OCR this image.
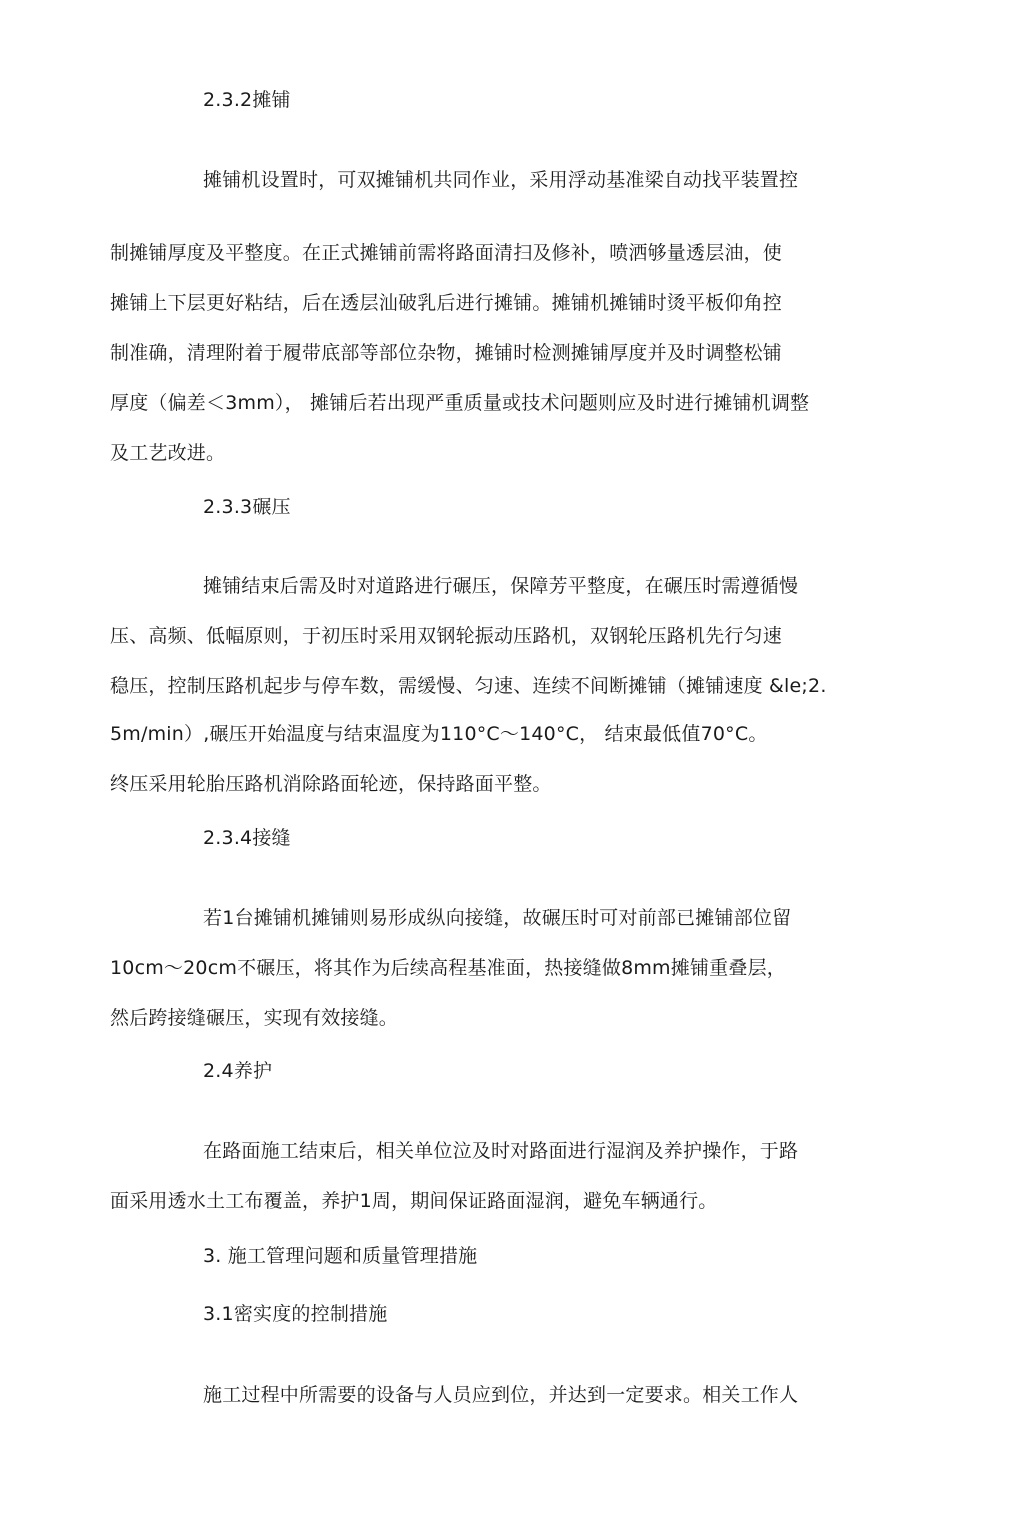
2.3.2摊铺
摊铺机设置时，可双摊铺机共同作业，采用浮动基准梁自动找平装置控
制摊铺厚度及平整度。在正式摊铺前需将路面清扫及修补，喷洒够量透层油，使
摊铺上下层更好粘结，后在透层汕破乳后进行摊铺。摊铺机摊铺时烫平板仰角控
制准确，清理附着于履带底部等部位杂物，摊铺时检测摊铺厚度并及时调整松铺
厚度（偏差＜3mm）， 摊铺后若出现严重质量或技术问题则应及时进行摊铺机调整
及工艺改进。
2.3.3碾压
摊铺结束后需及时对道路进行碾压，保障芳平整度，在碾压时需遵循慢
压、高频、低幅原则，于初压时采用双钢轮振动压路机，双钢轮压路机先行匀速
稳压，控制压路机起步与停车数，需缓慢、匀速、连续不间断摊铺（摊铺速度 &le;2.
5m/min）,碾压开始温度与结束温度为110°C～140°C， 结束最低值70°C。
终压采用轮胎压路机消除路面轮迹，保持路面平整。
2.3.4接缝
若1台摊铺机摊铺则易形成纵向接缝，故碾压时可对前部已摊铺部位留
10cm～20cm不碾压，将其作为后续高程基准面，热接缝做8mm摊铺重叠层，
然后跨接缝碾压，实现有效接缝。
2.4养护
在路面施工结束后，相关单位泣及时对路面进行湿润及养护操作，于路
面采用透水土工布覆盖，养护1周，期间保证路面湿润，避免车辆通行。
3. 施工管理问题和质量管理措施
3.1密实度的控制措施
施工过程中所需要的设备与人员应到位，并达到一定要求。相关工作人
